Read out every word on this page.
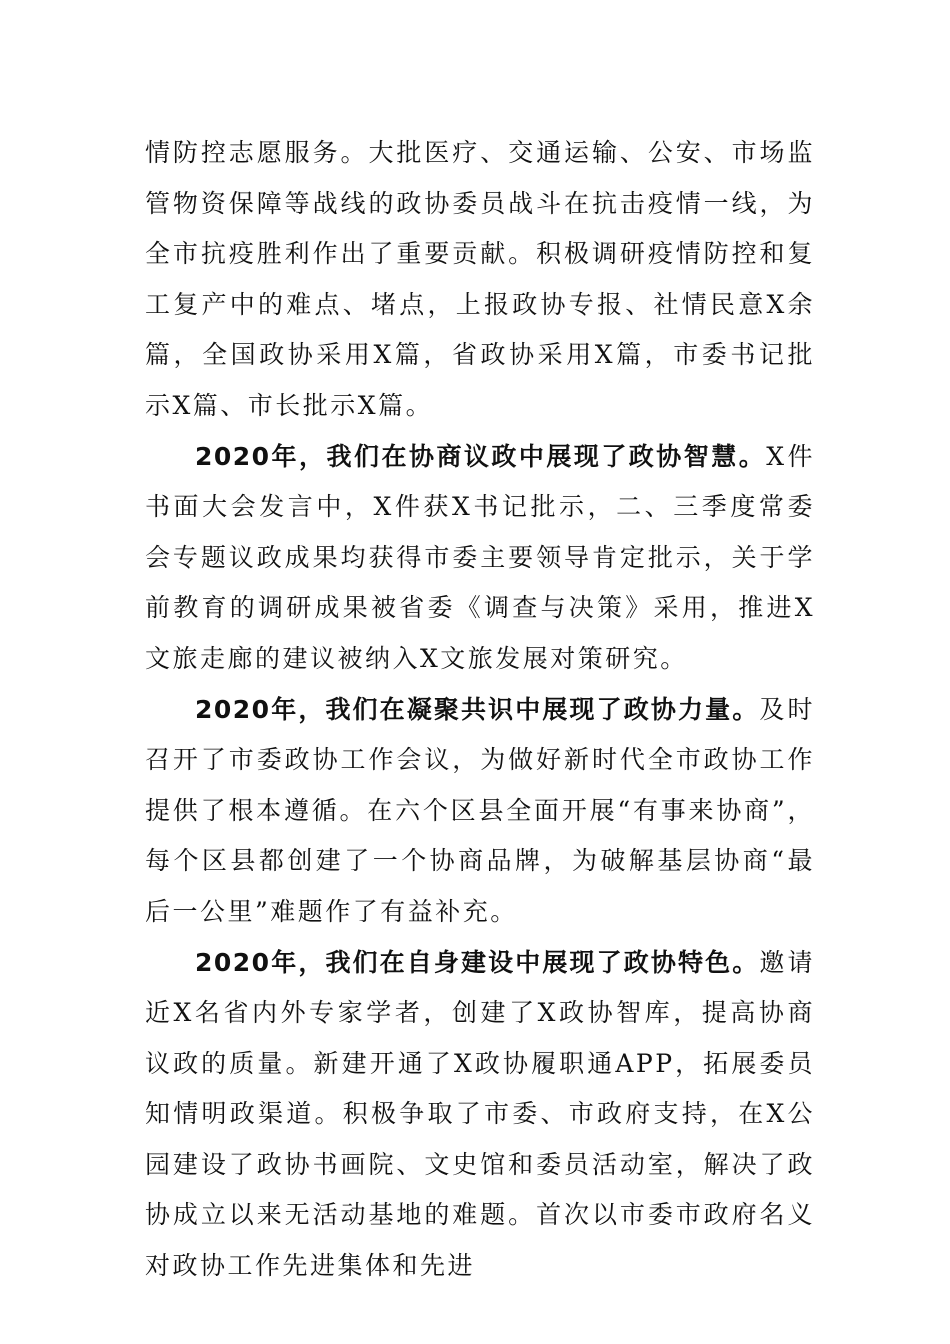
情防控志愿服务。大批医疗、交通运输、公安、市场监管物资保障等战线的政协委员战斗在抗击疫情一线，为全市抗疫胜利作出了重要贡献。积极调研疫情防控和复工复产中的难点、堵点，上报政协专报、社情民意X余篇，全国政协采用X篇，省政协采用X篇，市委书记批示X篇、市长批示X篇。

2020年，我们在协商议政中展现了政协智慧。X件书面大会发言中，X件获X书记批示，二、三季度常委会专题议政成果均获得市委主要领导肯定批示，关于学前教育的调研成果被省委《调查与决策》采用，推进X文旅走廊的建议被纳入X文旅发展对策研究。

2020年，我们在凝聚共识中展现了政协力量。及时召开了市委政协工作会议，为做好新时代全市政协工作提供了根本遵循。在六个区县全面开展“有事来协商”，每个区县都创建了一个协商品牌，为破解基层协商“最后一公里”难题作了有益补充。

2020年，我们在自身建设中展现了政协特色。邀请近X名省内外专家学者，创建了X政协智库，提高协商议政的质量。新建开通了X政协履职通APP，拓展委员知情明政渠道。积极争取了市委、市政府支持，在X公园建设了政协书画院、文史馆和委员活动室，解决了政协成立以来无活动基地的难题。首次以市委市政府名义对政协工作先进集体和先进
